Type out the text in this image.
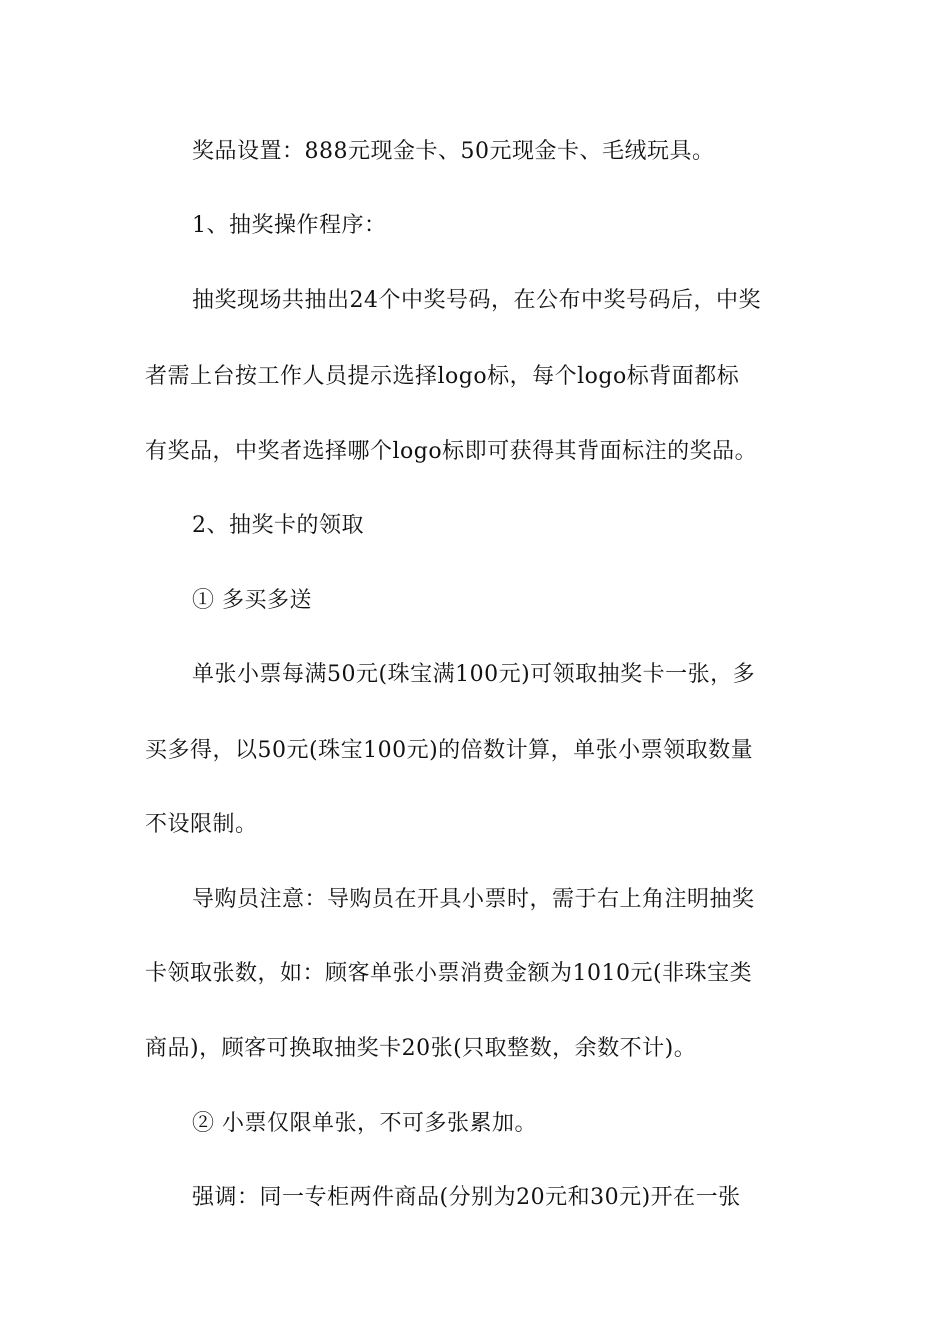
奖品设置：888元现金卡、50元现金卡、毛绒玩具。
1、抽奖操作程序：
抽奖现场共抽出24个中奖号码，在公布中奖号码后，中奖
者需上台按工作人员提示选择logo标，每个logo标背面都标
有奖品，中奖者选择哪个logo标即可获得其背面标注的奖品。
2、抽奖卡的领取
① 多买多送
单张小票每满50元(珠宝满100元)可领取抽奖卡一张，多
买多得，以50元(珠宝100元)的倍数计算，单张小票领取数量
不设限制。
导购员注意：导购员在开具小票时，需于右上角注明抽奖
卡领取张数，如：顾客单张小票消费金额为1010元(非珠宝类
商品)，顾客可换取抽奖卡20张(只取整数，余数不计)。
② 小票仅限单张，不可多张累加。
强调：同一专柜两件商品(分别为20元和30元)开在一张
